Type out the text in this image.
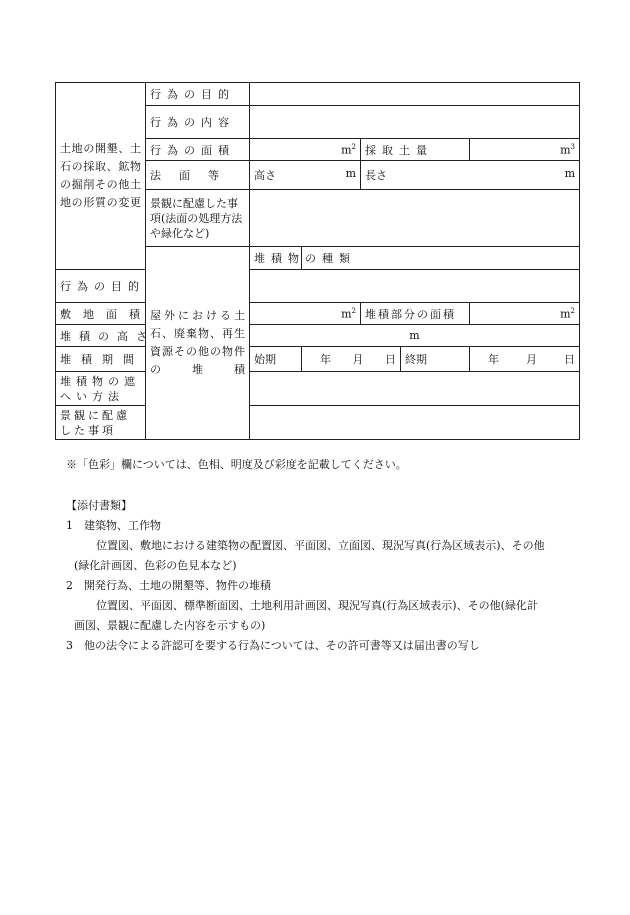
土地の開墾、土石の採取、鉱物の掘削その他土地の形質の変更	行為の目的					
	行為の内容					
	行為の面積	$m^2$		採取土量		$m^3$
	法面等	高さ m		長さ m		

	景観に配慮した事項(法面の処理方法や緑化など)					
	屋外における土石、廃棄物、再生資源その他の物件の堆積	堆積物の種類				
行為の目的						
敷地面積		$m^2$		堆積部分の面積		$m^2$
堆積の高さ		m				
堆積期間		始期	年 月 日		終期	年 月 日

堆積物の遮へい方法						
景観に配慮した事項						
※「色彩」欄については、色相、明度及び彩度を記載してください。

【添付書類】

1　建築物、工作物

位置図、敷地における建築物の配置図、平面図、立面図、現況写真(行為区域表示)、その他

(緑化計画図、色彩の色見本など)

2　開発行為、土地の開墾等、物件の堆積

位置図、平面図、標準断面図、土地利用計画図、現況写真(行為区域表示)、その他(緑化計

画図、景観に配慮した内容を示すもの)

3　他の法令による許認可を要する行為については、その許可書等又は届出書の写し
